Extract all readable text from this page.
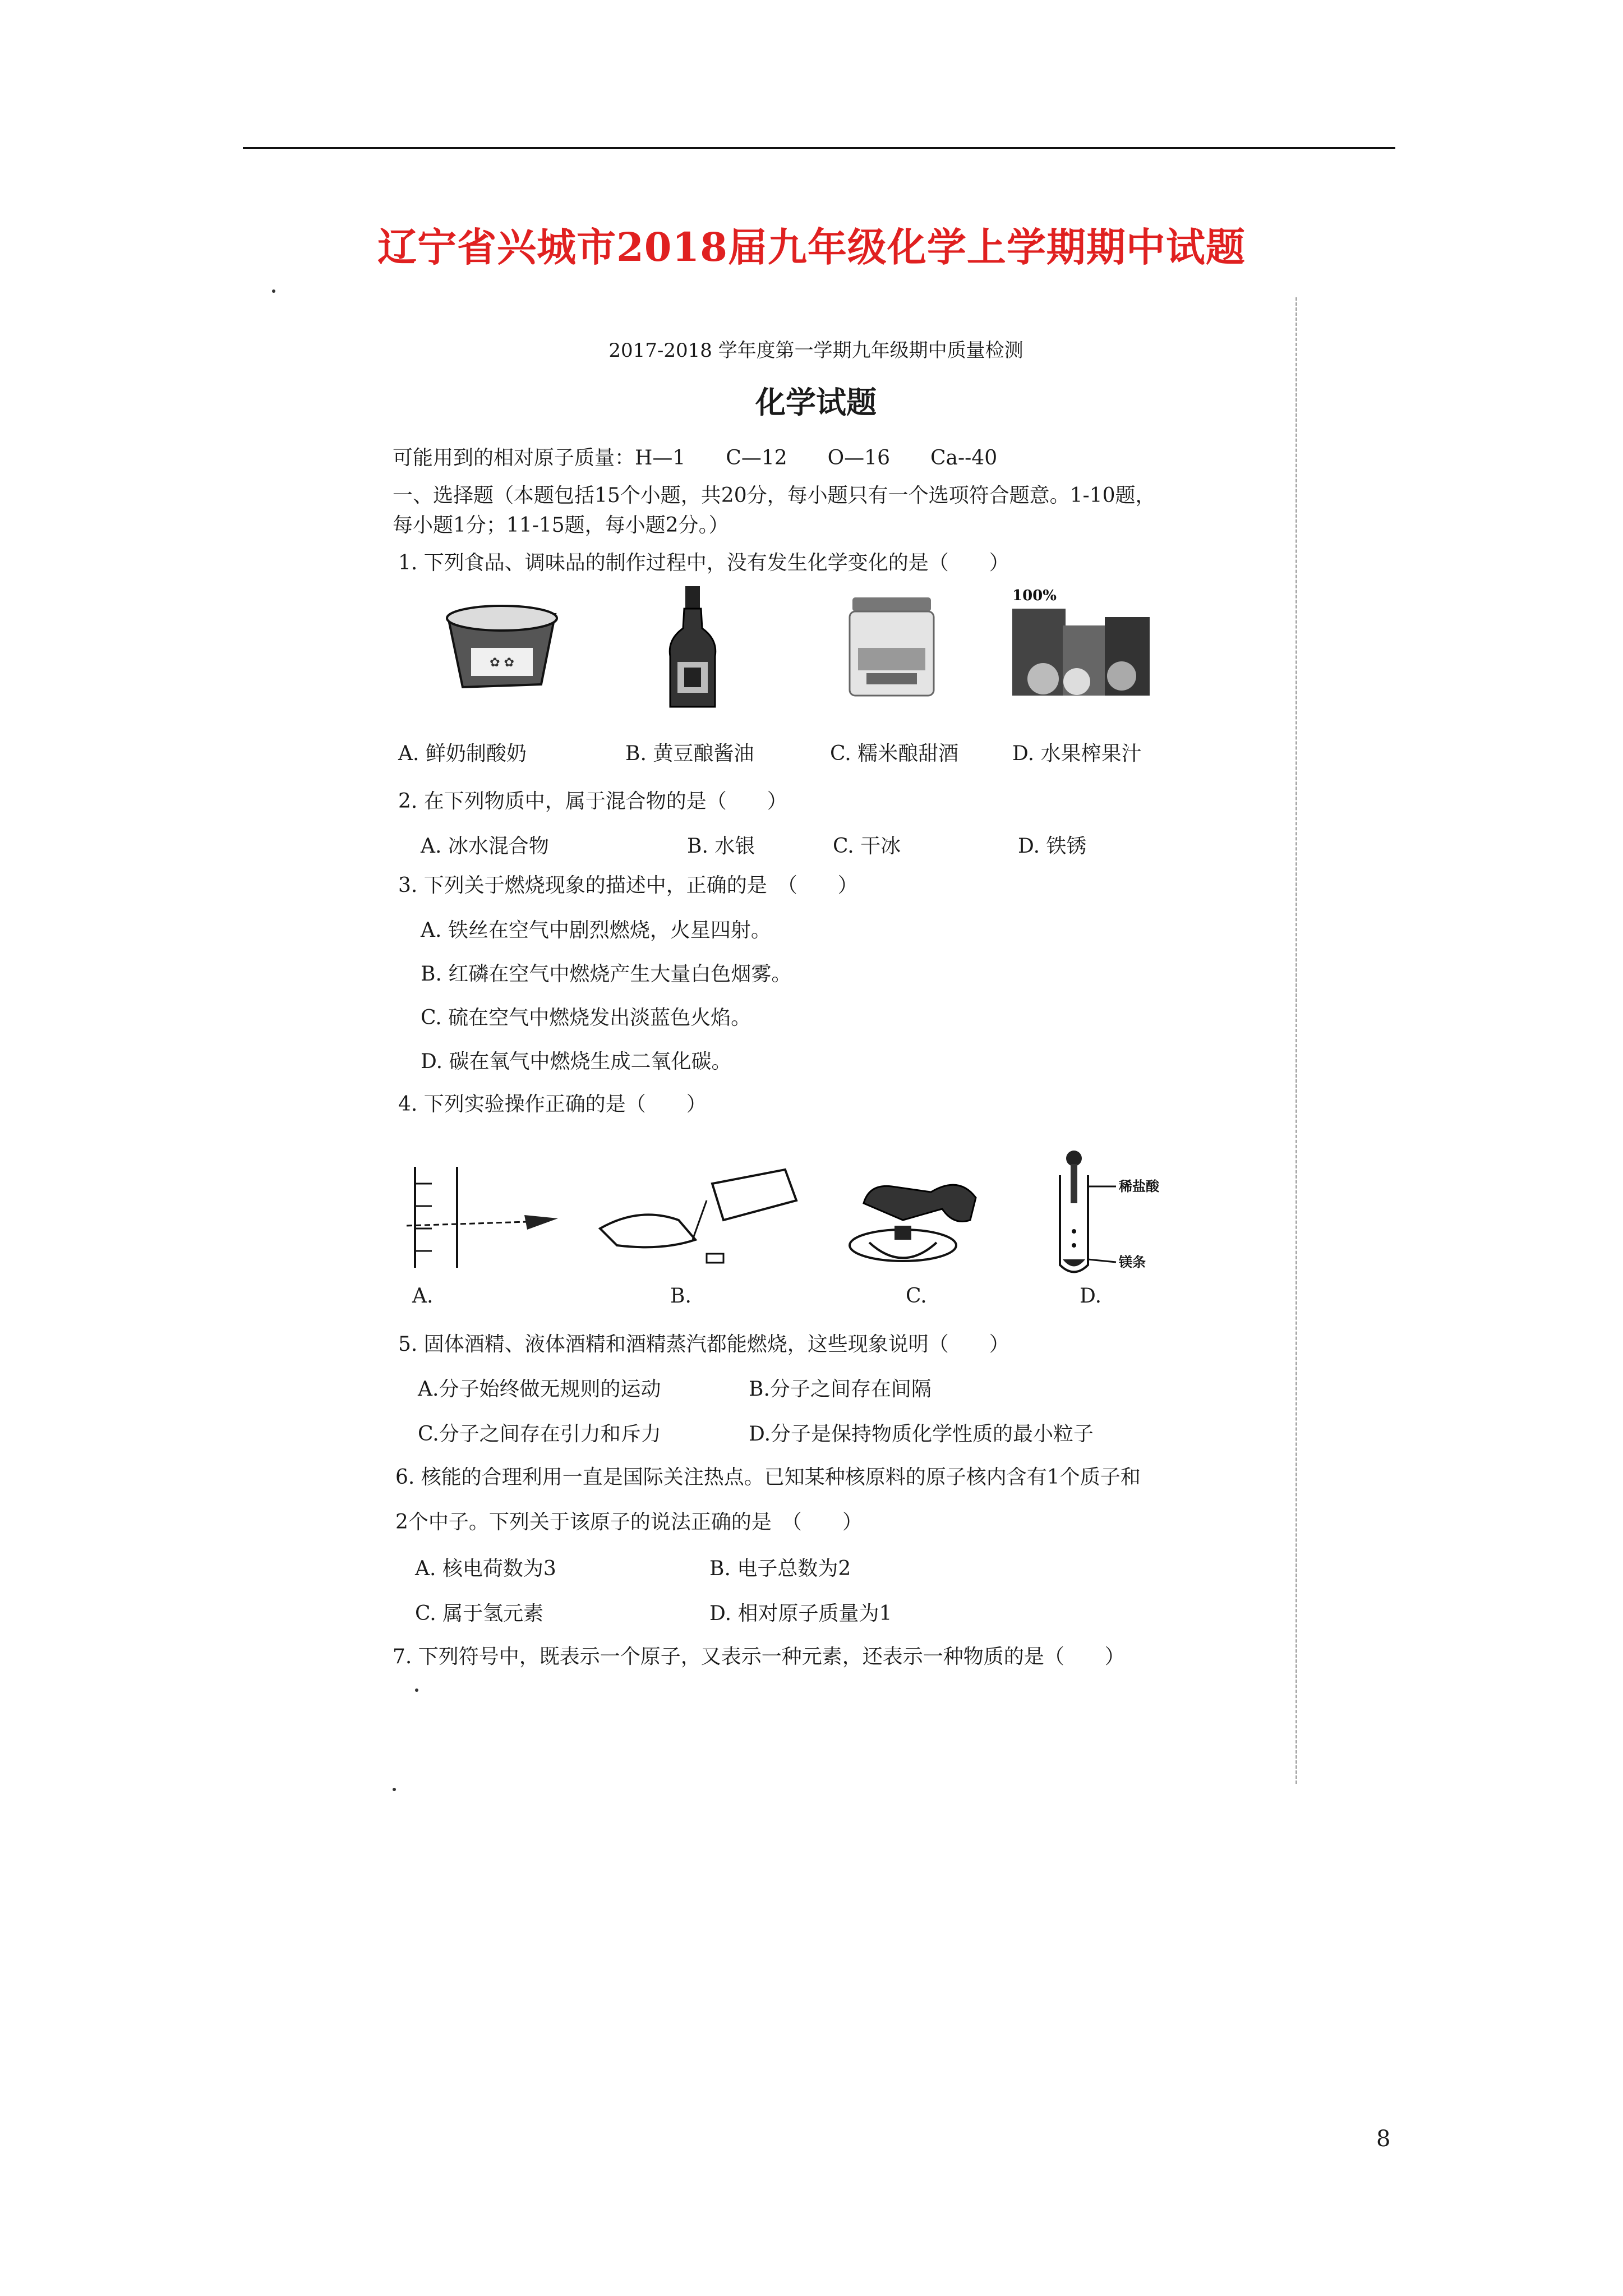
辽宁省兴城市2018届九年级化学上学期期中试题
2017-2018 学年度第一学期九年级期中质量检测
化学试题
可能用到的相对原子质量：H—1　　C—12　　O—16　　Ca--40
一、选择题（本题包括15个小题，共20分，每小题只有一个选项符合题意。1-10题，
每小题1分；11-15题，每小题2分。）
1. 下列食品、调味品的制作过程中，没有发生化学变化的是（　　）
✿ ✿
100%
A. 鲜奶制酸奶	B. 黄豆酿酱油	C. 糯米酿甜酒	D. 水果榨果汁
2. 在下列物质中，属于混合物的是（　　）
A. 冰水混合物	B. 水银	C. 干冰	D. 铁锈
3. 下列关于燃烧现象的描述中，正确的是　（　　）
A. 铁丝在空气中剧烈燃烧，火星四射。
B. 红磷在空气中燃烧产生大量白色烟雾。
C. 硫在空气中燃烧发出淡蓝色火焰。
D. 碳在氧气中燃烧生成二氧化碳。
4. 下列实验操作正确的是（　　）
稀盐酸
镁条
A.	B.	C.	D.
5. 固体酒精、液体酒精和酒精蒸汽都能燃烧，这些现象说明（　　）
A.分子始终做无规则的运动	B.分子之间存在间隔
C.分子之间存在引力和斥力	D.分子是保持物质化学性质的最小粒子
6. 核能的合理利用一直是国际关注热点。已知某种核原料的原子核内含有1个质子和
2个中子。下列关于该原子的说法正确的是　（　　）
A. 核电荷数为3	B. 电子总数为2
C. 属于氢元素	D. 相对原子质量为1
7. 下列符号中，既表示一个原子，又表示一种元素，还表示一种物质的是（　　）
8
